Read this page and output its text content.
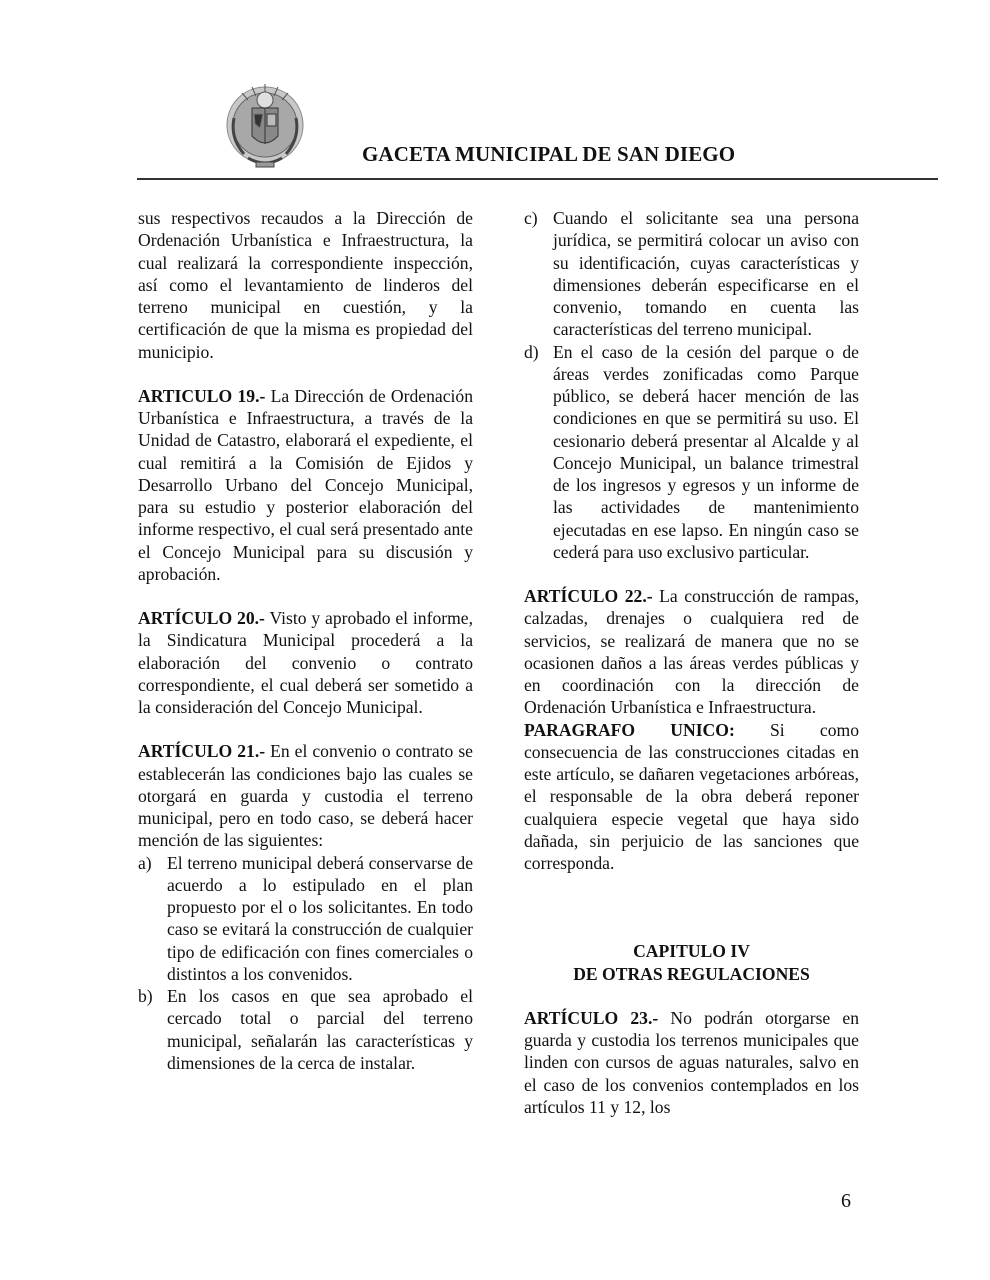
GACETA MUNICIPAL DE SAN DIEGO

sus respectivos recaudos a la Dirección de Ordenación Urbanística e Infraestructura, la cual realizará la correspondiente inspección, así como el levantamiento de linderos del terreno municipal en cuestión, y la certificación de que la misma es propiedad del municipio.

ARTICULO 19.- La Dirección de Ordenación Urbanística e Infraestructura, a través de la Unidad de Catastro, elaborará el expediente, el cual remitirá a la Comisión de Ejidos y Desarrollo Urbano del Concejo Municipal, para su estudio y posterior elaboración del informe respectivo, el cual será presentado ante el Concejo Municipal para su discusión y aprobación.

ARTÍCULO 20.- Visto y aprobado el informe, la Sindicatura Municipal procederá a la elaboración del convenio o contrato correspondiente, el cual deberá ser sometido a la consideración del Concejo Municipal.

ARTÍCULO 21.- En el convenio o contrato se establecerán las condiciones bajo las cuales se otorgará en guarda y custodia el terreno municipal, pero en todo caso, se deberá hacer mención de las siguientes:

a) El terreno municipal deberá conservarse de acuerdo a lo estipulado en el plan propuesto por el o los solicitantes. En todo caso se evitará la construcción de cualquier tipo de edificación con fines comerciales o distintos a los convenidos.
b) En los casos en que sea aprobado el cercado total o parcial del terreno municipal, señalarán las características y dimensiones de la cerca de instalar.
c) Cuando el solicitante sea una persona jurídica, se permitirá colocar un aviso con su identificación, cuyas características y dimensiones deberán especificarse en el convenio, tomando en cuenta las características del terreno municipal.
d) En el caso de la cesión del parque o de áreas verdes zonificadas como Parque público, se deberá hacer mención de las condiciones en que se permitirá su uso. El cesionario deberá presentar al Alcalde y al Concejo Municipal, un balance trimestral de los ingresos y egresos y un informe de las actividades de mantenimiento ejecutadas en ese lapso. En ningún caso se cederá para uso exclusivo particular.

ARTÍCULO 22.- La construcción de rampas, calzadas, drenajes o cualquiera red de servicios, se realizará de manera que no se ocasionen daños a las áreas verdes públicas y en coordinación con la dirección de Ordenación Urbanística e Infraestructura.

PARAGRAFO UNICO: Si como consecuencia de las construcciones citadas en este artículo, se dañaren vegetaciones arbóreas, el responsable de la obra deberá reponer cualquiera especie vegetal que haya sido dañada, sin perjuicio de las sanciones que corresponda.

CAPITULO IV

DE OTRAS REGULACIONES

ARTÍCULO 23.- No podrán otorgarse en guarda y custodia los terrenos municipales que linden con cursos de aguas naturales, salvo en el caso de los convenios contemplados en los artículos 11 y 12, los

6
